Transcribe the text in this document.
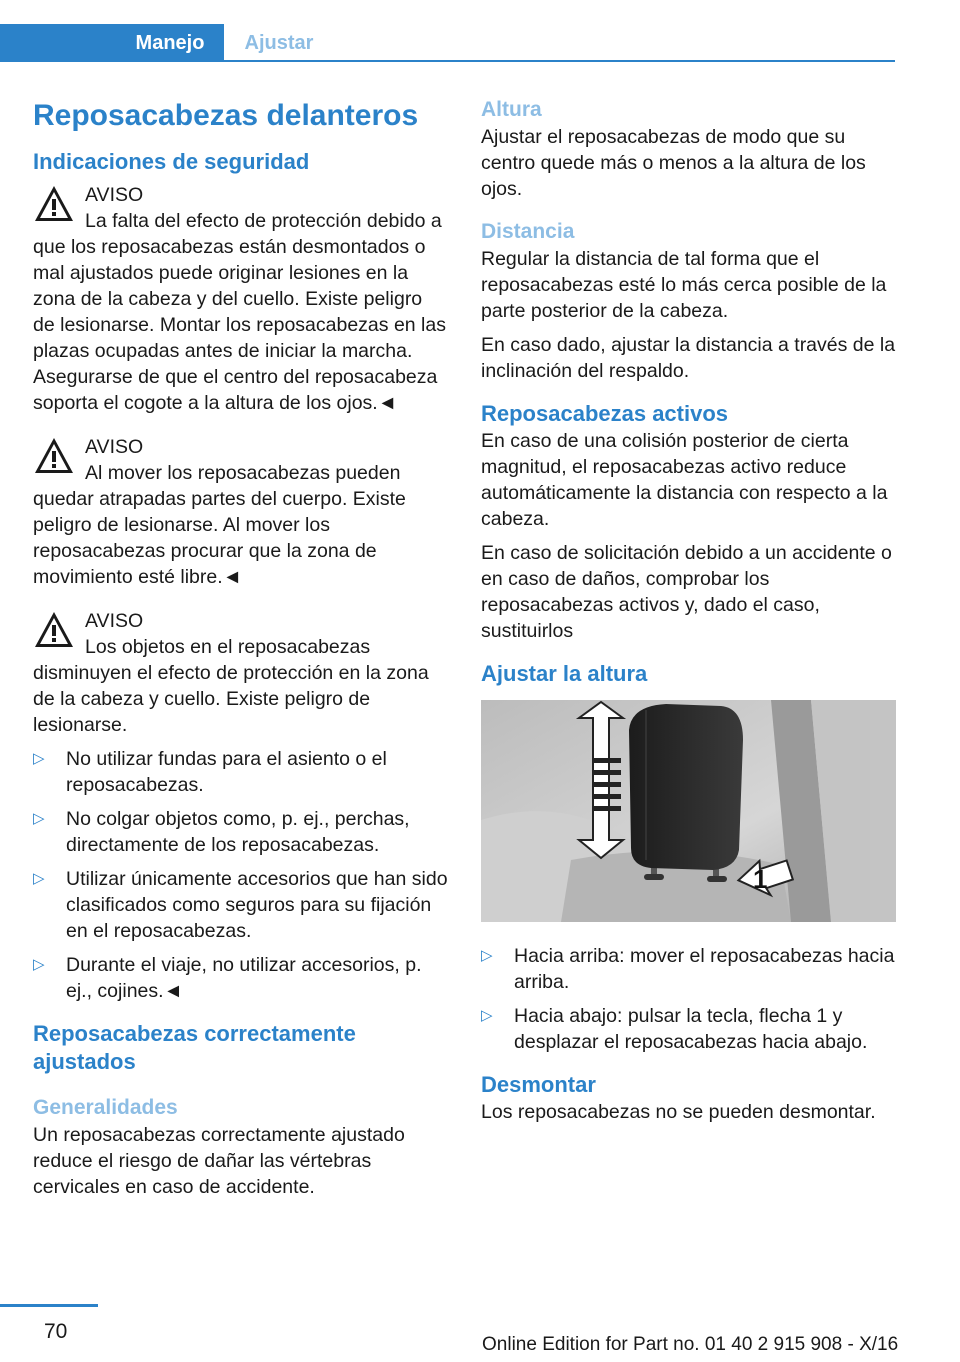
Manejo	Ajustar
Reposacabezas delanteros
Indicaciones de seguridad
AVISO
La falta del efecto de protección debido a que los reposacabezas están desmontados o mal ajustados puede originar lesiones en la zona de la cabeza y del cuello. Existe peligro de lesionarse. Montar los reposacabezas en las plazas ocupadas antes de iniciar la marcha. Asegurarse de que el centro del reposacabeza soporta el cogote a la altura de los ojos.◄
AVISO
Al mover los reposacabezas pueden quedar atrapadas partes del cuerpo. Existe peligro de lesionarse. Al mover los reposacabezas procurar que la zona de movimiento esté libre.◄
AVISO
Los objetos en el reposacabezas disminuyen el efecto de protección en la zona de la cabeza y cuello. Existe peligro de lesionarse.
▷ No utilizar fundas para el asiento o el reposacabezas.
▷ No colgar objetos como, p. ej., perchas, directamente de los reposacabezas.
▷ Utilizar únicamente accesorios que han sido clasificados como seguros para su fijación en el reposacabezas.
▷ Durante el viaje, no utilizar accesorios, p. ej., cojines.◄
Reposacabezas correctamente ajustados
Generalidades

Un reposacabezas correctamente ajustado reduce el riesgo de dañar las vértebras cervicales en caso de accidente.

Altura

Ajustar el reposacabezas de modo que su centro quede más o menos a la altura de los ojos.

Distancia

Regular la distancia de tal forma que el reposacabezas esté lo más cerca posible de la parte posterior de la cabeza.

En caso dado, ajustar la distancia a través de la inclinación del respaldo.

Reposacabezas activos

En caso de una colisión posterior de cierta magnitud, el reposacabezas activo reduce automáticamente la distancia con respecto a la cabeza.

En caso de solicitación debido a un accidente o en caso de daños, comprobar los reposacabezas activos y, dado el caso, sustituirlos

Ajustar la altura
1
▷ Hacia arriba: mover el reposacabezas hacia arriba.
▷ Hacia abajo: pulsar la tecla, flecha 1 y desplazar el reposacabezas hacia abajo.
Desmontar

Los reposacabezas no se pueden desmontar.

70
Online Edition for Part no. 01 40 2 915 908 - X/16
